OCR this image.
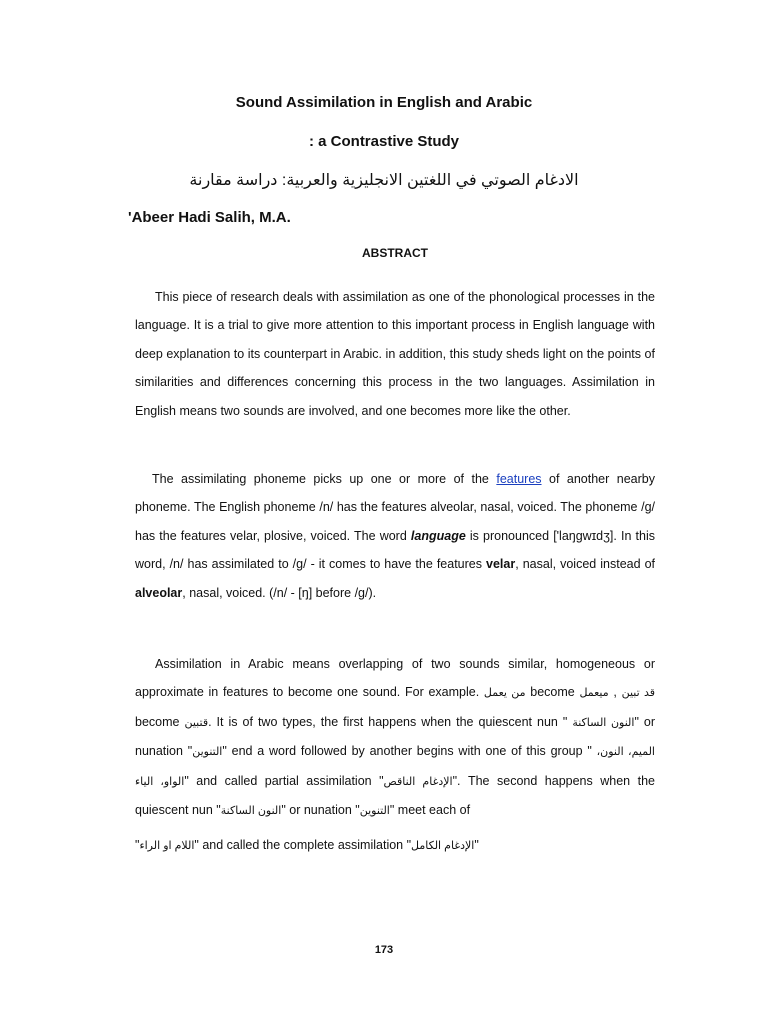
Sound Assimilation in English and Arabic
: a Contrastive Study
الادغام الصوتي في اللغتين الانجليزية والعربية: دراسة مقارنة
'Abeer Hadi Salih, M.A.
ABSTRACT

This piece of research deals with assimilation as one of the phonological processes in the language. It is a trial to give more attention to this important process in English language with deep explanation to its counterpart in Arabic. in addition, this study sheds light on the points of similarities and differences concerning this process in the two languages. Assimilation in English means two sounds are involved, and one becomes more like the other.

The assimilating phoneme picks up one or more of the features of another nearby phoneme. The English phoneme /n/ has the features alveolar, nasal, voiced. The phoneme /g/ has the features velar, plosive, voiced. The word language is pronounced ['laŋgwɪdʒ]. In this word, /n/ has assimilated to /g/ - it comes to have the features velar, nasal, voiced instead of alveolar, nasal, voiced. (/n/ - [ŋ] before /g/).

Assimilation in Arabic means overlapping of two sounds similar, homogeneous or approximate in features to become one sound. For example. من يعمل become ميعمل , قد تبين become قتبين. It is of two types, the first happens when the quiescent nun " النون الساكنة" or nunation "التنوين" end a word followed by another begins with one of this group " الميم، النون، الواو، الياء" and called partial assimilation "الإدغام الناقص". The second happens when the quiescent nun "النون الساكنة" or nunation "التنوين" meet each of

"اللام او الراء" and called the complete assimilation "الإدغام الكامل"
173
